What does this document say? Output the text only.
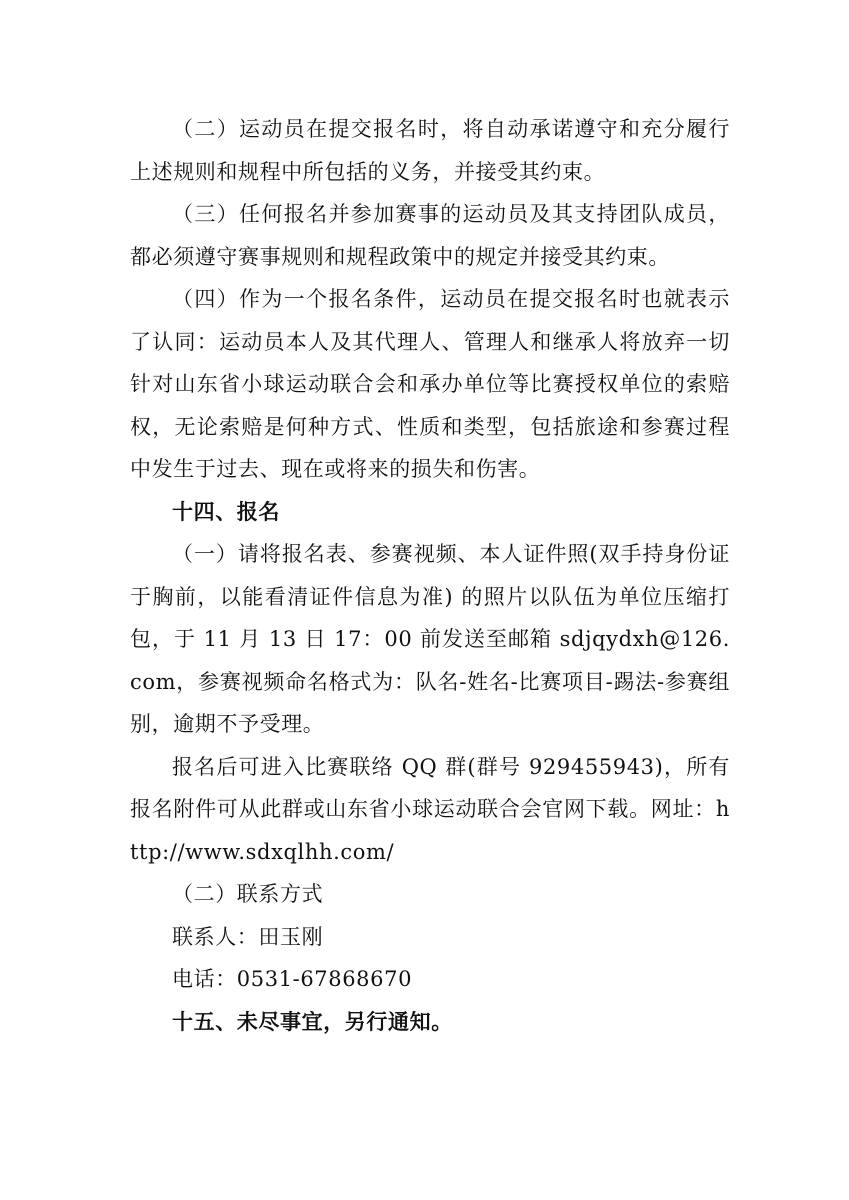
（二）运动员在提交报名时，将自动承诺遵守和充分履行上述规则和规程中所包括的义务，并接受其约束。

（三）任何报名并参加赛事的运动员及其支持团队成员，都必须遵守赛事规则和规程政策中的规定并接受其约束。

（四）作为一个报名条件，运动员在提交报名时也就表示了认同：运动员本人及其代理人、管理人和继承人将放弃一切针对山东省小球运动联合会和承办单位等比赛授权单位的索赔权，无论索赔是何种方式、性质和类型，包括旅途和参赛过程中发生于过去、现在或将来的损失和伤害。

十四、报名

（一）请将报名表、参赛视频、本人证件照(双手持身份证于胸前，以能看清证件信息为准) 的照片以队伍为单位压缩打包，于 11 月 13 日 17：00 前发送至邮箱 sdjqydxh@126.com，参赛视频命名格式为：队名-姓名-比赛项目-踢法-参赛组别，逾期不予受理。

报名后可进入比赛联络 QQ 群(群号 929455943)，所有报名附件可从此群或山东省小球运动联合会官网下载。网址：http://www.sdxqlhh.com/

（二）联系方式

联系人：田玉刚

电话：0531-67868670

十五、未尽事宜，另行通知。
